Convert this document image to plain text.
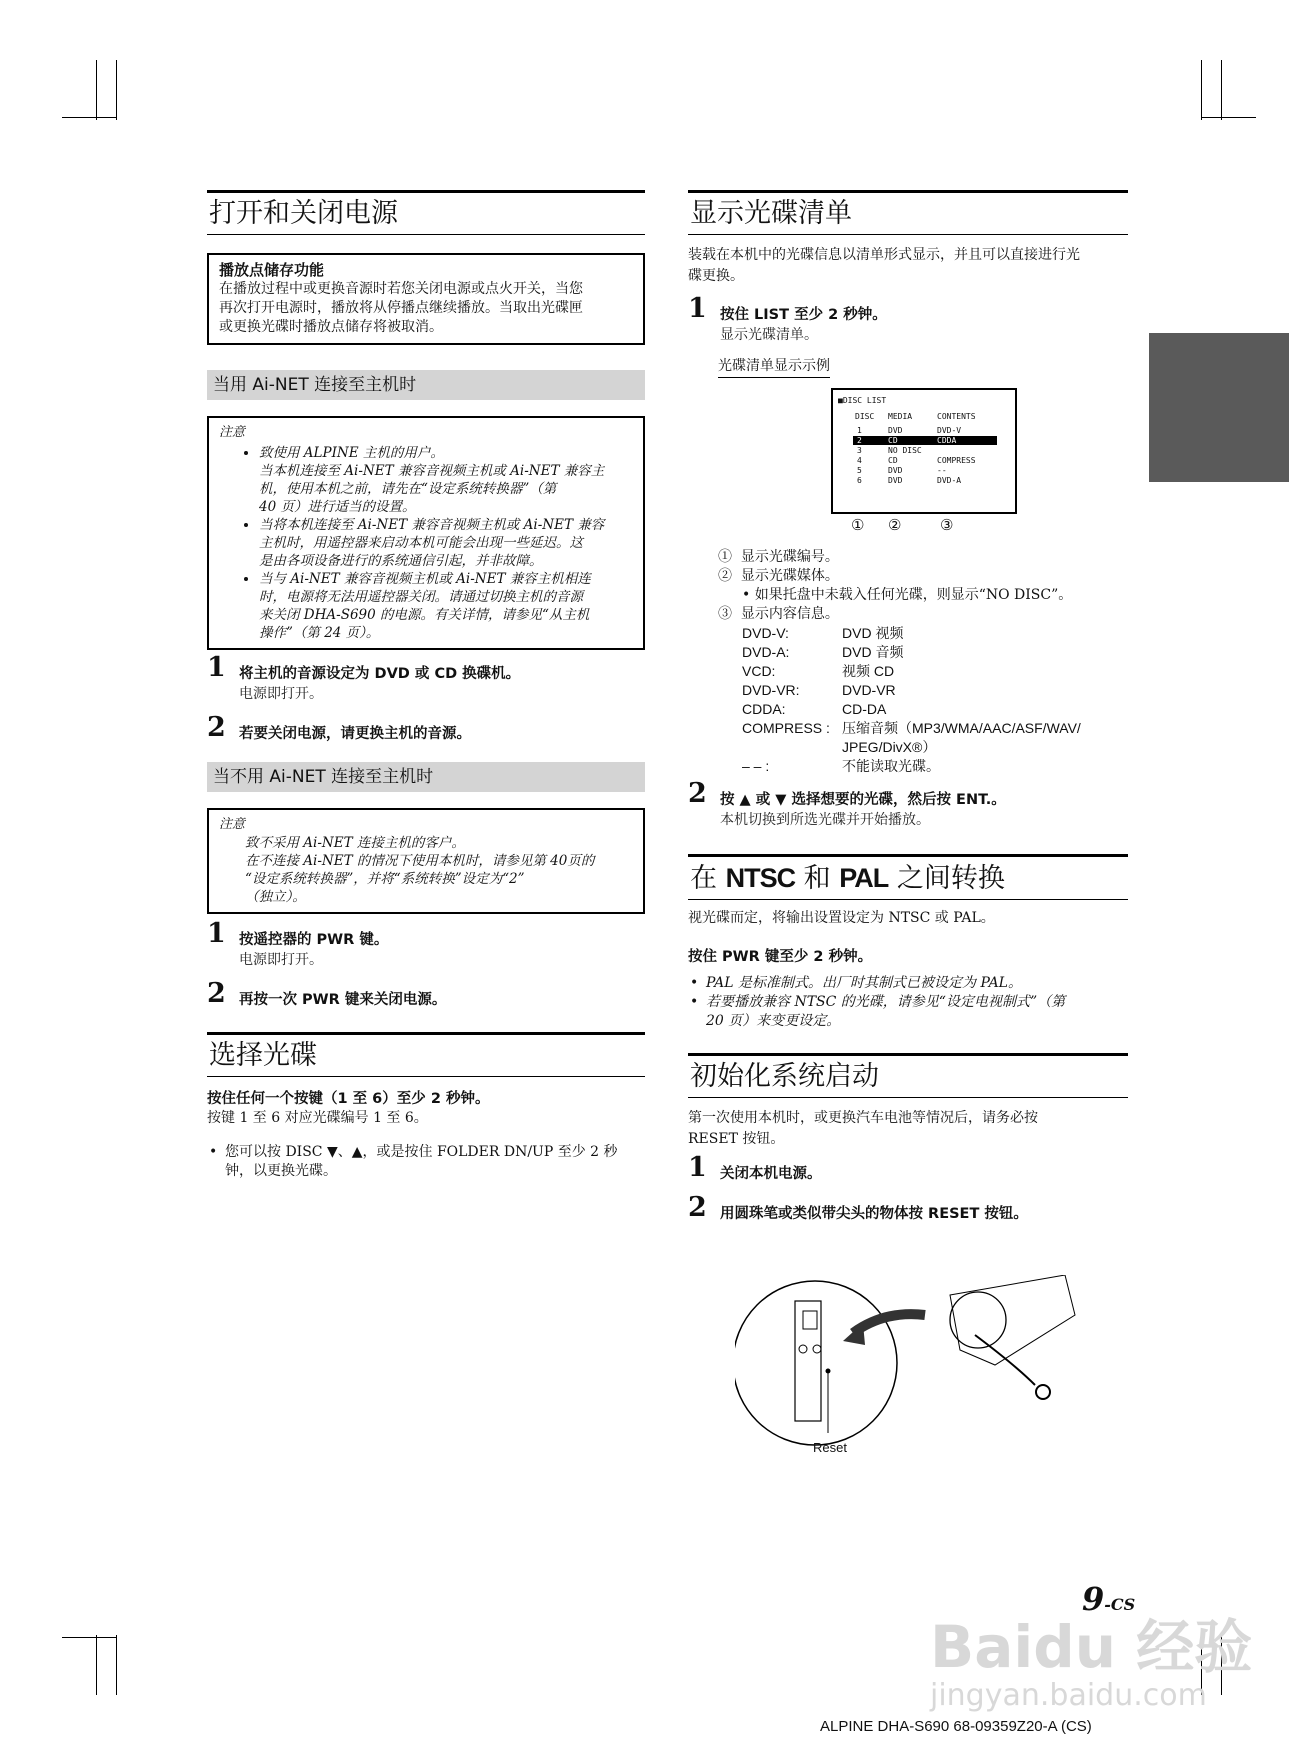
打开和关闭电源
播放点储存功能
在播放过程中或更换音源时若您关闭电源或点火开关，当您
再次打开电源时，播放将从停播点继续播放。当取出光碟匣
或更换光碟时播放点储存将被取消。
当用 Ai-NET 连接至主机时
注意
• 致使用 ALPINE 主机的用户。
当本机连接至 Ai-NET 兼容音视频主机或 Ai-NET 兼容主
机，使用本机之前，请先在“设定系统转换器”（第
40 页）进行适当的设置。
• 当将本机连接至 Ai-NET 兼容音视频主机或 Ai-NET 兼容
主机时，用遥控器来启动本机可能会出现一些延迟。这
是由各项设备进行的系统通信引起，并非故障。
• 当与 Ai-NET 兼容音视频主机或 Ai-NET 兼容主机相连
时，电源将无法用遥控器关闭。请通过切换主机的音源
来关闭 DHA-S690 的电源。有关详情，请参见“从主机
操作”（第 24 页）。
1 将主机的音源设定为 DVD 或 CD 换碟机。
电源即打开。
2 若要关闭电源，请更换主机的音源。
当不用 Ai-NET 连接至主机时
注意
致不采用 Ai-NET 连接主机的客户。
在不连接 Ai-NET 的情况下使用本机时，请参见第 40页的
“设定系统转换器”，并将“系统转换”设定为“2”
（独立）。
1 按遥控器的 PWR 键。
电源即打开。
2 再按一次 PWR 键来关闭电源。
选择光碟
按住任何一个按键（1 至 6）至少 2 秒钟。
按键 1 至 6 对应光碟编号 1 至 6。
• 您可以按 DISC ▼、▲，或是按住 FOLDER DN/UP 至少 2 秒
钟，以更换光碟。
显示光碟清单
装载在本机中的光碟信息以清单形式显示，并且可以直接进行光
碟更换。
1 按住 LIST 至少 2 秒钟。
显示光碟清单。
光碟清单显示示例
■DISC LIST
DISC MEDIA	CONTENTS
1	DVD	DVD-V
2	CD	CDDA
3	NO DISC
4	CD	COMPRESS
5	DVD	--
6	DVD	DVD-A
① ②	③
① 显示光碟编号。
② 显示光碟媒体。
• 如果托盘中未载入任何光碟，则显示“NO DISC”。
③ 显示内容信息。
DVD-V:	DVD 视频
DVD-A:	DVD 音频
VCD:	视频 CD
DVD-VR:	DVD-VR
CDDA:	CD-DA
COMPRESS : 压缩音频（MP3/WMA/AAC/ASF/WAV/
JPEG/DivX®）
– – :	不能读取光碟。
2 按 ▲ 或 ▼ 选择想要的光碟，然后按 ENT.。
本机切换到所选光碟并开始播放。
在 NTSC 和 PAL 之间转换
视光碟而定，将输出设置设定为 NTSC 或 PAL。
按住 PWR 键至少 2 秒钟。
• PAL 是标准制式。出厂时其制式已被设定为 PAL。
• 若要播放兼容 NTSC 的光碟，请参见“设定电视制式”（第
20 页）来变更设定。
初始化系统启动
第一次使用本机时，或更换汽车电池等情况后，请务必按
RESET 按钮。
1 关闭本机电源。
2 用圆珠笔或类似带尖头的物体按 RESET 按钮。
Reset
9-CS
Baidu 经验
jingyan.baidu.com
ALPINE DHA-S690 68-09359Z20-A (CS)
